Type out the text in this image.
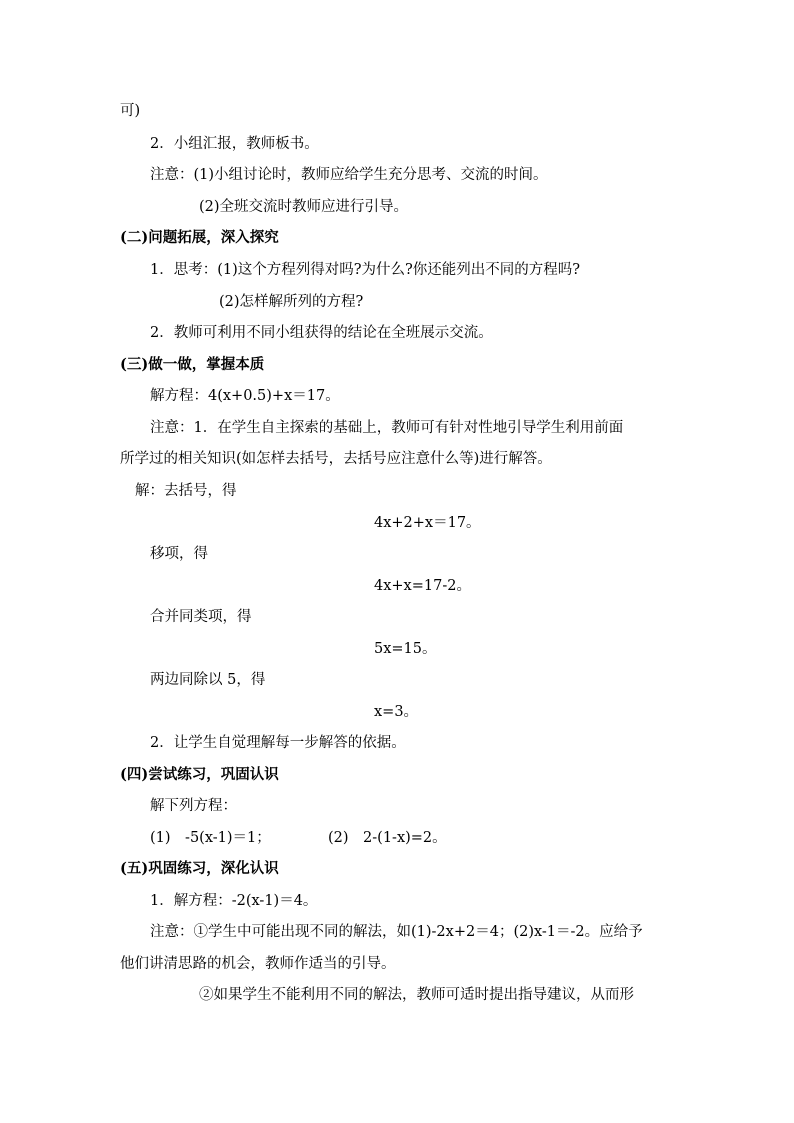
可)
2．小组汇报，教师板书。
注意：(1)小组讨论时，教师应给学生充分思考、交流的时间。
(2)全班交流时教师应进行引导。
(二)问题拓展，深入探究
1．思考：(1)这个方程列得对吗?为什么?你还能列出不同的方程吗?
(2)怎样解所列的方程?
2．教师可利用不同小组获得的结论在全班展示交流。
(三)做一做，掌握本质
解方程：4(x+0.5)+x＝17。
注意：1．在学生自主探索的基础上，教师可有针对性地引导学生利用前面
所学过的相关知识(如怎样去括号，去括号应注意什么等)进行解答。
解：去括号，得
4x+2+x＝17。
移项，得
4x+x=17-2。
合并同类项，得
5x=15。
两边同除以 5，得
x=3。
2．让学生自觉理解每一步解答的依据。
(四)尝试练习，巩固认识
解下列方程：
(1)　-5(x-1)＝1；	(2)　2-(1-x)=2。
(五)巩固练习，深化认识
1．解方程：-2(x-1)＝4。
注意：①学生中可能出现不同的解法，如(1)-2x+2＝4；(2)x-1＝-2。应给予
他们讲清思路的机会，教师作适当的引导。
②如果学生不能利用不同的解法，教师可适时提出指导建议，从而形
